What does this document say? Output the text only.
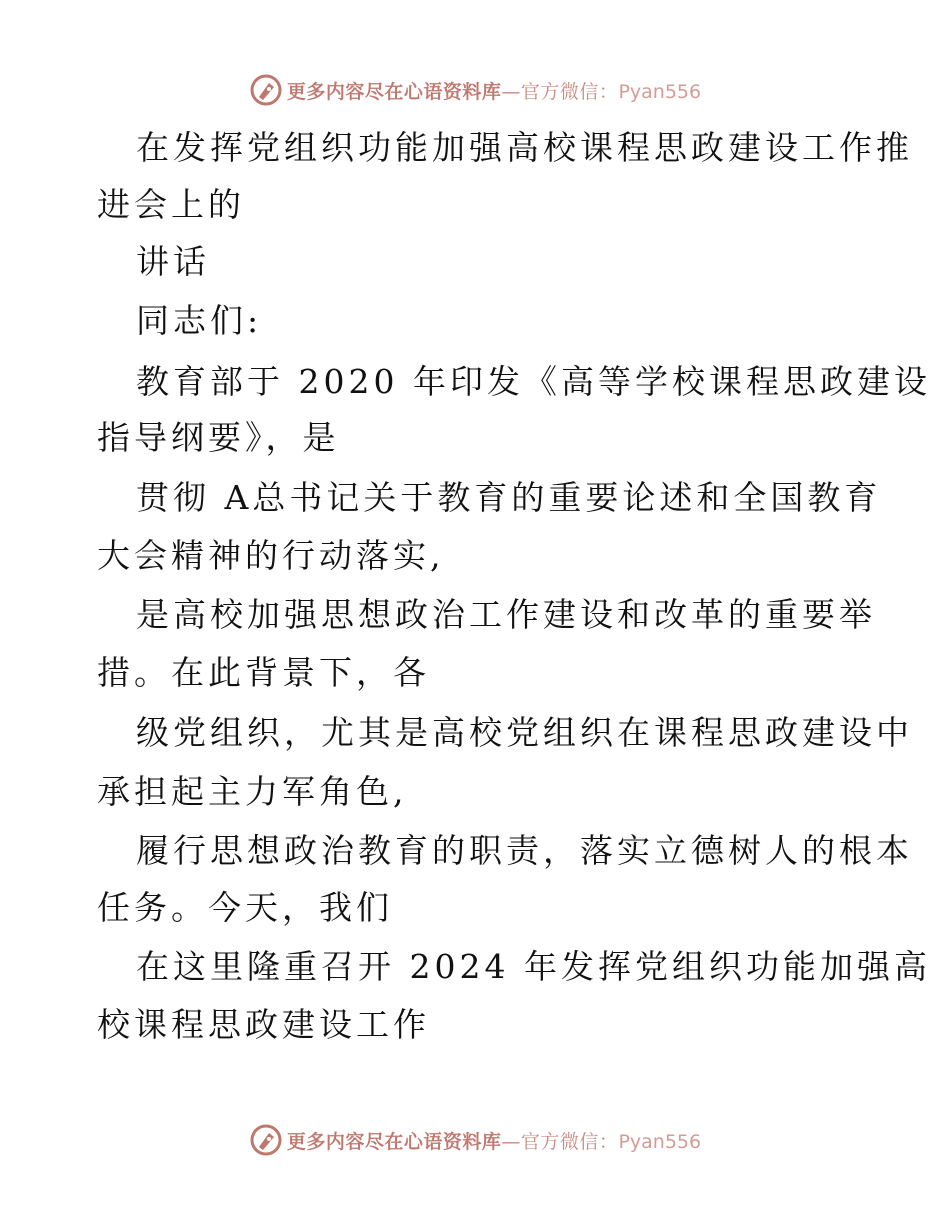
更多内容尽在心语资料库—官方微信：Pyan556
在发挥党组织功能加强高校课程思政建设工作推
进会上的
讲话
同志们:
教育部于 2020 年印发《高等学校课程思政建设
指导纲要》，是
贯彻 A总书记关于教育的重要论述和全国教育
大会精神的行动落实,
是高校加强思想政治工作建设和改革的重要举
措。在此背景下，各
级党组织，尤其是高校党组织在课程思政建设中
承担起主力军角色,
履行思想政治教育的职责，落实立德树人的根本
任务。今天，我们
在这里隆重召开 2024 年发挥党组织功能加强高
校课程思政建设工作
更多内容尽在心语资料库—官方微信：Pyan556
